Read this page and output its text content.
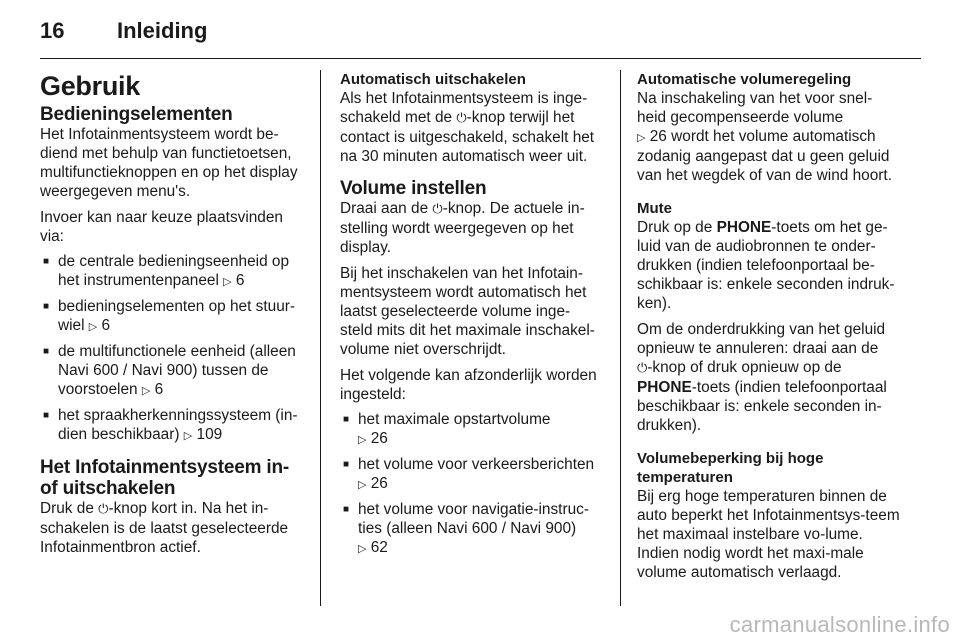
16 Inleiding
Gebruik
Bedieningselementen

Het Infotainmentsysteem wordt be-diend met behulp van functietoetsen, multifunctieknoppen en op het display weergegeven menu's.

Invoer kan naar keuze plaatsvinden via:

■ de centrale bedieningseenheid op het instrumentenpaneel ▷ 6
■ bedieningselementen op het stuur-wiel ▷ 6
■ de multifunctionele eenheid (alleen Navi 600 / Navi 900) tussen de voorstoelen ▷ 6
■ het spraakherkenningssysteem (in-dien beschikbaar) ▷ 109
Het Infotainmentsysteem in- of uitschakelen

Druk de ⏻-knop kort in. Na het in-schakelen is de laatst geselecteerde Infotainmentbron actief.

Automatisch uitschakelen

Als het Infotainmentsysteem is inge-schakeld met de ⏻-knop terwijl het contact is uitgeschakeld, schakelt het na 30 minuten automatisch weer uit.

Volume instellen

Draai aan de ⏻-knop. De actuele in-stelling wordt weergegeven op het display.

Bij het inschakelen van het Infotain-mentsysteem wordt automatisch het laatst geselecteerde volume inge-steld mits dit het maximale inschakel-volume niet overschrijdt.

Het volgende kan afzonderlijk worden ingesteld:

■ het maximale opstartvolume
▷ 26
■ het volume voor verkeersberichten
▷ 26
■ het volume voor navigatie-instruc-ties (alleen Navi 600 / Navi 900)
▷ 62
Automatische volumeregeling

Na inschakeling van het voor snel-heid gecompenseerde volume
▷ 26 wordt het volume automatisch zodanig aangepast dat u geen geluid van het wegdek of van de wind hoort.

Mute

Druk op de PHONE-toets om het ge-luid van de audiobronnen te onder-drukken (indien telefoonportaal be-schikbaar is: enkele seconden indruk-ken).

Om de onderdrukking van het geluid opnieuw te annuleren: draai aan de
⏻-knop of druk opnieuw op de
PHONE-toets (indien telefoonportaal beschikbaar is: enkele seconden in-drukken).

Volumebeperking bij hoge temperaturen

Bij erg hoge temperaturen binnen de auto beperkt het Infotainmentsys-teem het maximaal instelbare vo-lume. Indien nodig wordt het maxi-male volume automatisch verlaagd.

carmanualsonline.info
